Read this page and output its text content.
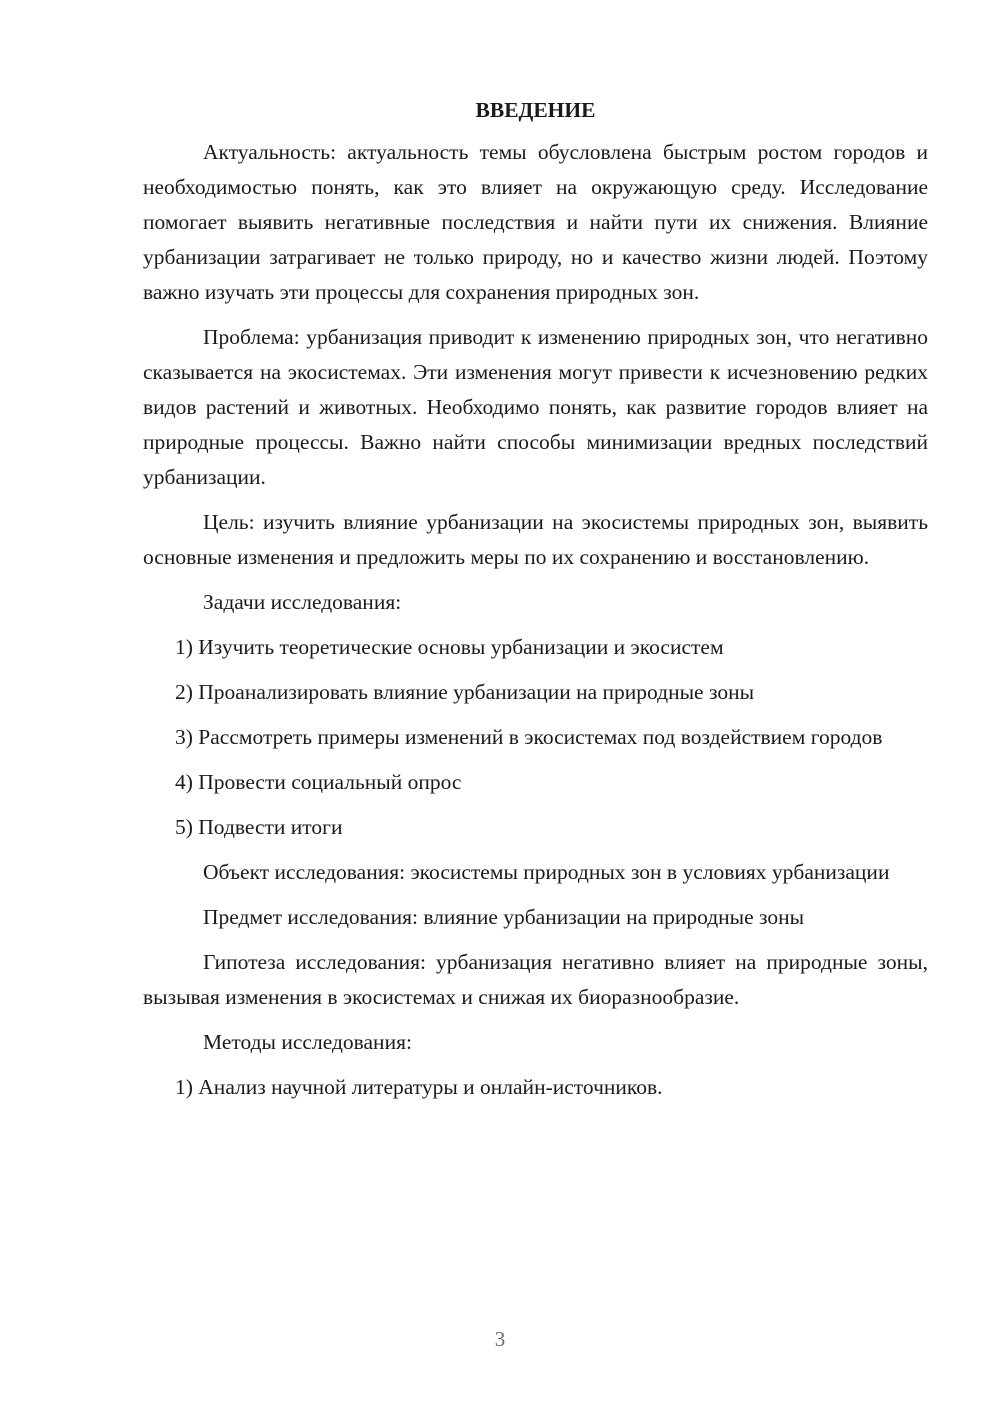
ВВЕДЕНИЕ

Актуальность: актуальность темы обусловлена быстрым ростом городов и необходимостью понять, как это влияет на окружающую среду. Исследование помогает выявить негативные последствия и найти пути их снижения. Влияние урбанизации затрагивает не только природу, но и качество жизни людей. Поэтому важно изучать эти процессы для сохранения природных зон.

Проблема: урбанизация приводит к изменению природных зон, что негативно сказывается на экосистемах. Эти изменения могут привести к исчезновению редких видов растений и животных. Необходимо понять, как развитие городов влияет на природные процессы. Важно найти способы минимизации вредных последствий урбанизации.

Цель: изучить влияние урбанизации на экосистемы природных зон, выявить основные изменения и предложить меры по их сохранению и восстановлению.

Задачи исследования:

1) Изучить теоретические основы урбанизации и экосистем

2) Проанализировать влияние урбанизации на природные зоны

3) Рассмотреть примеры изменений в экосистемах под воздействием городов

4) Провести социальный опрос

5) Подвести итоги

Объект исследования: экосистемы природных зон в условиях урбанизации

Предмет исследования: влияние урбанизации на природные зоны

Гипотеза исследования: урбанизация негативно влияет на природные зоны, вызывая изменения в экосистемах и снижая их биоразнообразие.

Методы исследования:

1) Анализ научной литературы и онлайн-источников.

3
